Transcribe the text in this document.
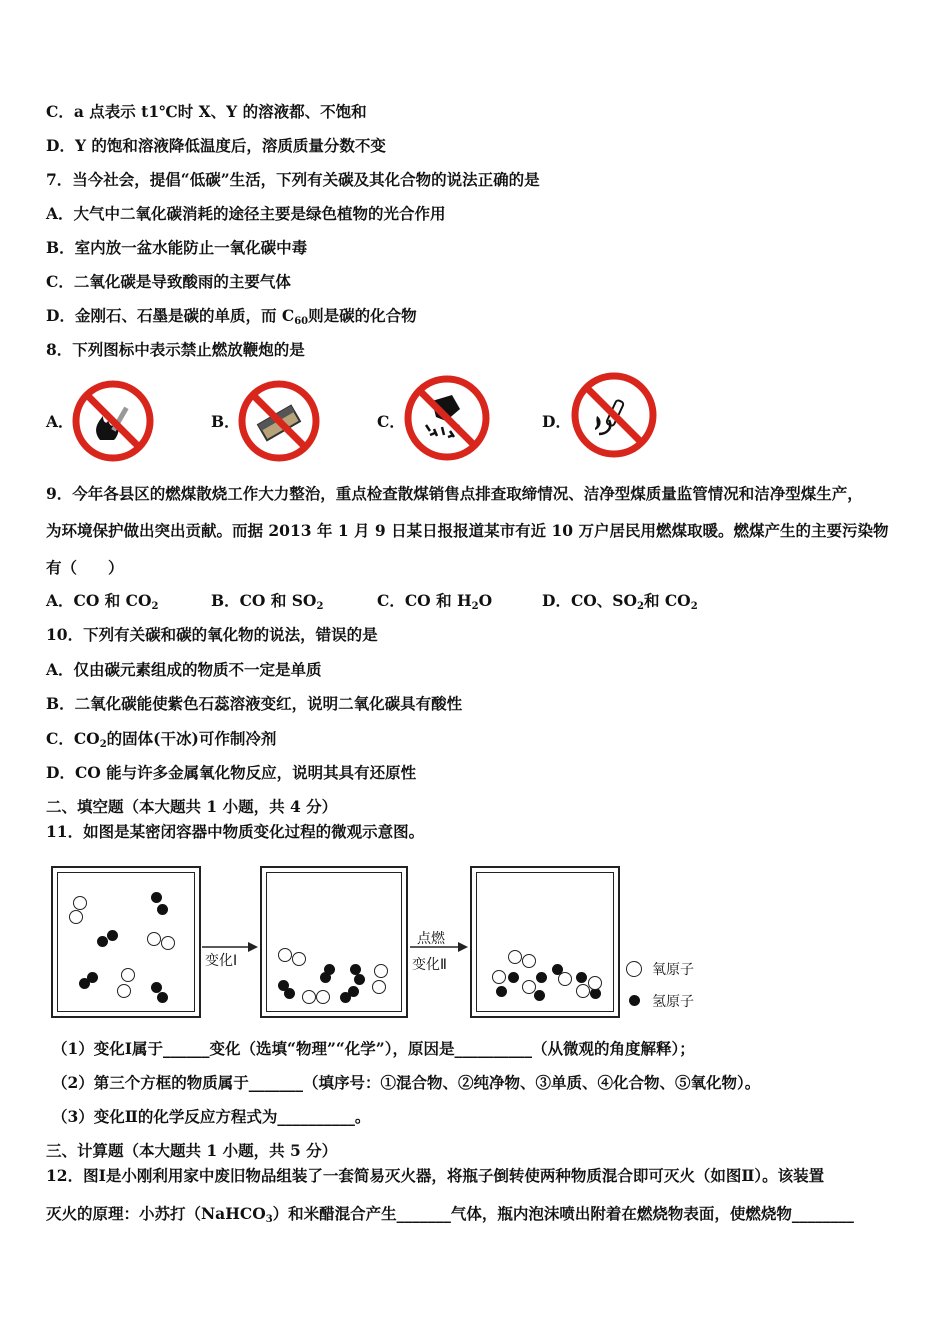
C．a 点表示 t1℃时 X、Y 的溶液都、不饱和
D．Y 的饱和溶液降低温度后，溶质质量分数不变
7．当今社会，提倡“低碳”生活，下列有关碳及其化合物的说法正确的是
A．大气中二氧化碳消耗的途径主要是绿色植物的光合作用
B．室内放一盆水能防止一氧化碳中毒
C．二氧化碳是导致酸雨的主要气体
D．金刚石、石墨是碳的单质，而 $C_{60}$则是碳的化合物
8．下列图标中表示禁止燃放鞭炮的是
A．	B．	C．	D．
9．今年各县区的燃煤散烧工作大力整治，重点检查散煤销售点排查取缔情况、洁净型煤质量监管情况和洁净型煤生产，
为环境保护做出突出贡献。而据 2013 年 1 月 9 日某日报报道某市有近 10 万户居民用燃煤取暖。燃煤产生的主要污染物
有（　　）
A．CO 和 $CO_2$	B．CO 和 $SO_2$	C．CO 和 $H_2O$	D．CO、$SO_2$和 $CO_2$
10．下列有关碳和碳的氧化物的说法，错误的是
A．仅由碳元素组成的物质不一定是单质
B．二氧化碳能使紫色石蕊溶液变红，说明二氧化碳具有酸性
C．$CO_2$的固体(干冰)可作制冷剂
D．CO 能与许多金属氧化物反应，说明其具有还原性
二、填空题（本大题共 1 小题，共 4 分）
11．如图是某密闭容器中物质变化过程的微观示意图。
变化Ⅰ
点燃
变化Ⅱ	氧原子
氢原子
（1）变化Ⅰ属于______变化（选填“物理”“化学”），原因是__________（从微观的角度解释）；
（2）第三个方框的物质属于_______（填序号：①混合物、②纯净物、③单质、④化合物、⑤氧化物）。
（3）变化Ⅱ的化学反应方程式为__________。
三、计算题（本大题共 1 小题，共 5 分）
12．图Ⅰ是小刚利用家中废旧物品组装了一套简易灭火器，将瓶子倒转使两种物质混合即可灭火（如图Ⅱ）。该装置
灭火的原理：小苏打（NaHCO$_3$）和米醋混合产生_______气体，瓶内泡沫喷出附着在燃烧物表面，使燃烧物________
